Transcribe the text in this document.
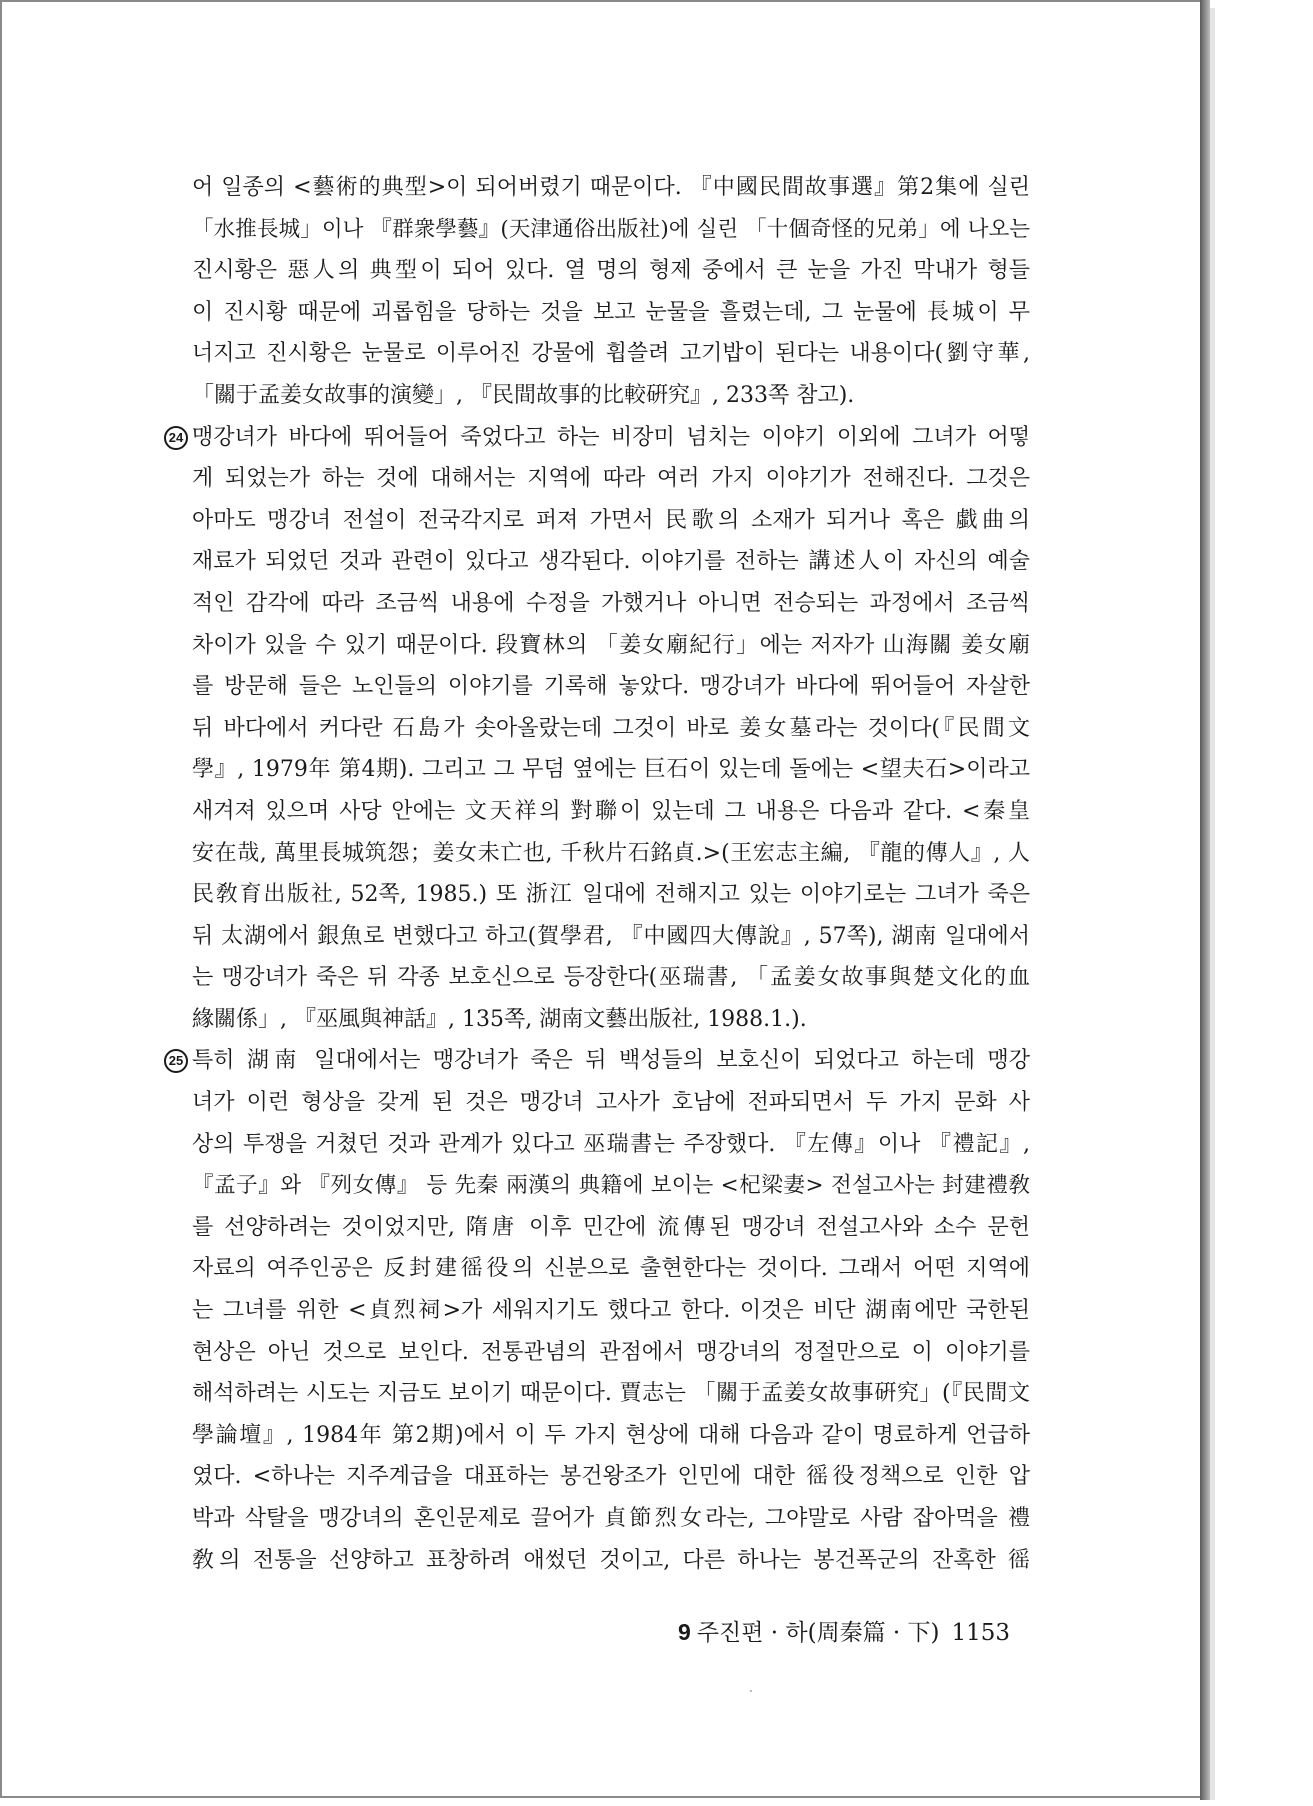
어 일종의 <藝術的典型>이 되어버렸기 때문이다. 『中國民間故事選』第2集에 실린
「水推長城」이나 『群衆學藝』(天津通俗出版社)에 실린 「十個奇怪的兄弟」에 나오는
진시황은 惡人의 典型이 되어 있다. 열 명의 형제 중에서 큰 눈을 가진 막내가 형들
이 진시황 때문에 괴롭힘을 당하는 것을 보고 눈물을 흘렸는데, 그 눈물에 長城이 무
너지고 진시황은 눈물로 이루어진 강물에 휩쓸려 고기밥이 된다는 내용이다(劉守華,
「關于孟姜女故事的演變」, 『民間故事的比較硏究』, 233쪽 참고).
24 맹강녀가 바다에 뛰어들어 죽었다고 하는 비장미 넘치는 이야기 이외에 그녀가 어떻
게 되었는가 하는 것에 대해서는 지역에 따라 여러 가지 이야기가 전해진다. 그것은
아마도 맹강녀 전설이 전국각지로 퍼져 가면서 民歌의 소재가 되거나 혹은 戱曲의
재료가 되었던 것과 관련이 있다고 생각된다. 이야기를 전하는 講述人이 자신의 예술
적인 감각에 따라 조금씩 내용에 수정을 가했거나 아니면 전승되는 과정에서 조금씩
차이가 있을 수 있기 때문이다. 段寶林의 「姜女廟紀行」에는 저자가 山海關 姜女廟
를 방문해 들은 노인들의 이야기를 기록해 놓았다. 맹강녀가 바다에 뛰어들어 자살한
뒤 바다에서 커다란 石島가 솟아올랐는데 그것이 바로 姜女墓라는 것이다(『民間文
學』, 1979年 第4期). 그리고 그 무덤 옆에는 巨石이 있는데 돌에는 <望夫石>이라고
새겨져 있으며 사당 안에는 文天祥의 對聯이 있는데 그 내용은 다음과 같다. <秦皇
安在哉, 萬里長城筑怨；姜女未亡也, 千秋片石銘貞.>(王宏志主編, 『龍的傳人』, 人
民敎育出版社, 52쪽, 1985.) 또 浙江 일대에 전해지고 있는 이야기로는 그녀가 죽은
뒤 太湖에서 銀魚로 변했다고 하고(賀學君, 『中國四大傳說』, 57쪽), 湖南 일대에서
는 맹강녀가 죽은 뒤 각종 보호신으로 등장한다(巫瑞書, 「孟姜女故事與楚文化的血
緣關係」, 『巫風與神話』, 135쪽, 湖南文藝出版社, 1988.1.).
25 특히 湖南 일대에서는 맹강녀가 죽은 뒤 백성들의 보호신이 되었다고 하는데 맹강
녀가 이런 형상을 갖게 된 것은 맹강녀 고사가 호남에 전파되면서 두 가지 문화 사
상의 투쟁을 거쳤던 것과 관계가 있다고 巫瑞書는 주장했다. 『左傳』이나 『禮記』,
『孟子』와 『列女傳』 등 先秦 兩漢의 典籍에 보이는 <杞梁妻> 전설고사는 封建禮敎
를 선양하려는 것이었지만, 隋唐 이후 민간에 流傳된 맹강녀 전설고사와 소수 문헌
자료의 여주인공은 反封建徭役의 신분으로 출현한다는 것이다. 그래서 어떤 지역에
는 그녀를 위한 <貞烈祠>가 세워지기도 했다고 한다. 이것은 비단 湖南에만 국한된
현상은 아닌 것으로 보인다. 전통관념의 관점에서 맹강녀의 정절만으로 이 이야기를
해석하려는 시도는 지금도 보이기 때문이다. 賈志는 「關于孟姜女故事硏究」(『民間文
學論壇』, 1984年 第2期)에서 이 두 가지 현상에 대해 다음과 같이 명료하게 언급하
였다. <하나는 지주계급을 대표하는 봉건왕조가 인민에 대한 徭役정책으로 인한 압
박과 삭탈을 맹강녀의 혼인문제로 끌어가 貞節烈女라는, 그야말로 사람 잡아먹을 禮
敎의 전통을 선양하고 표창하려 애썼던 것이고, 다른 하나는 봉건폭군의 잔혹한 徭
9 주진편 · 하(周秦篇 · 下) 1153
